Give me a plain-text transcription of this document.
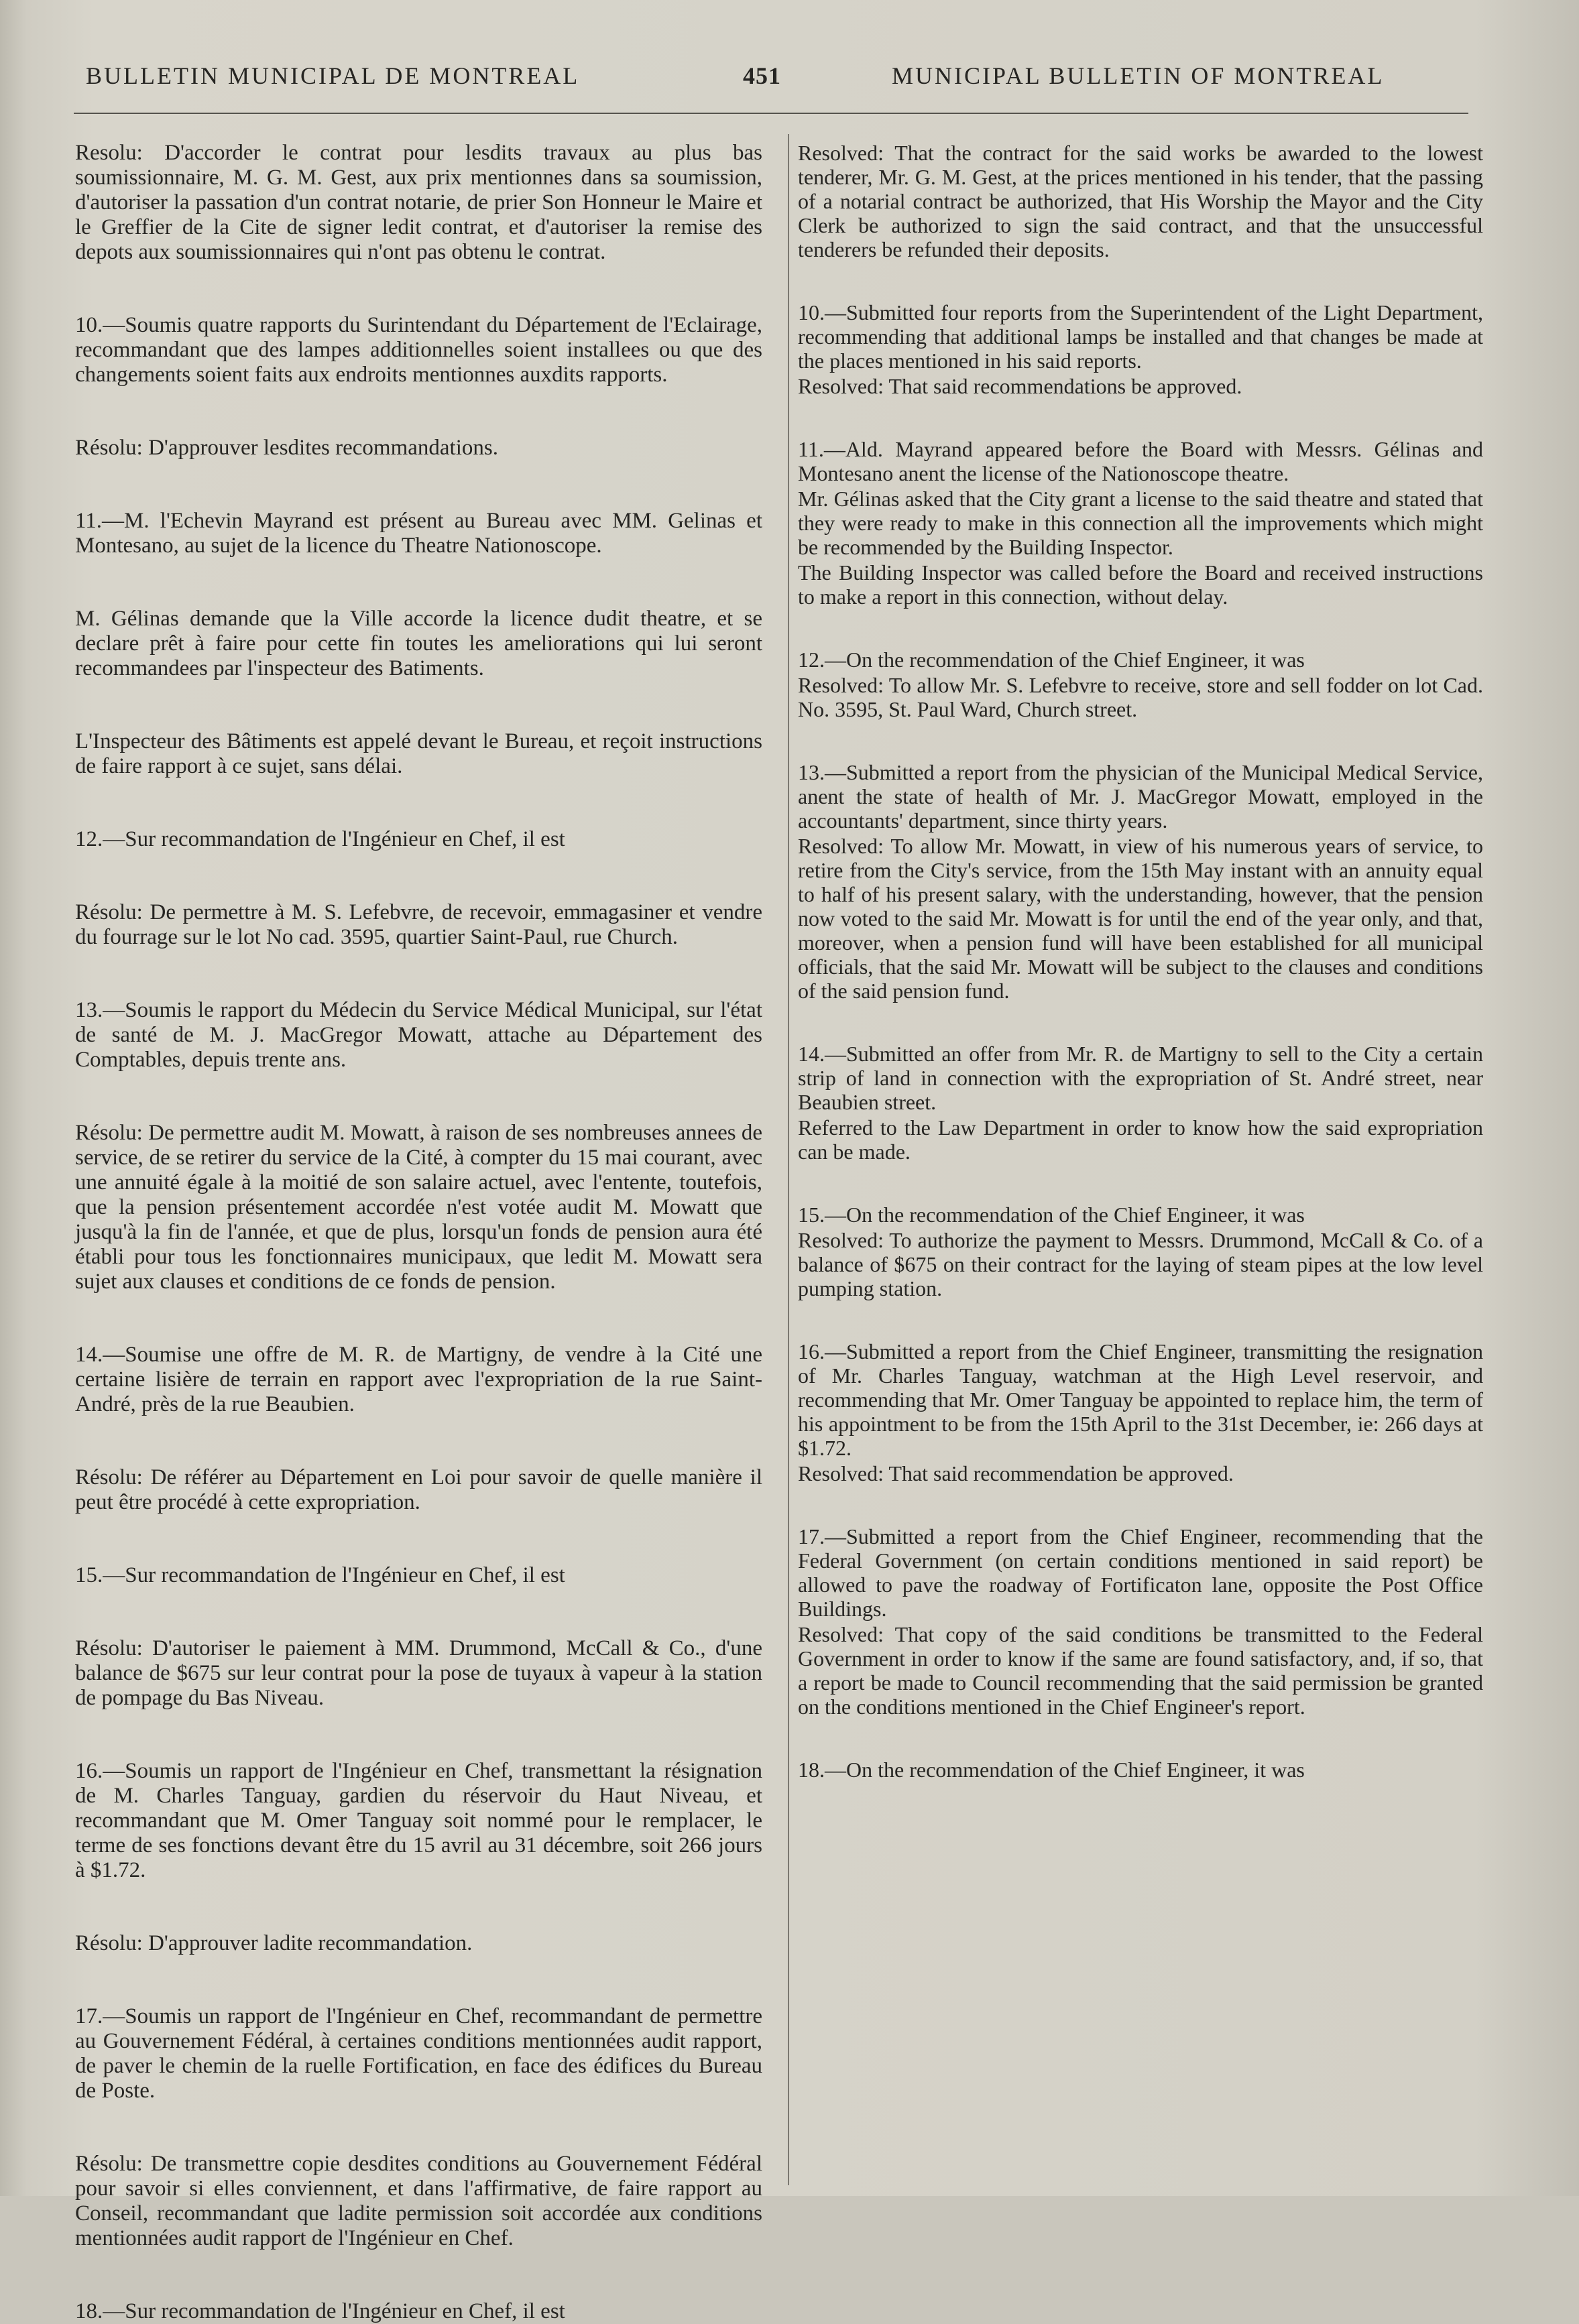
BULLETIN MUNICIPAL DE MONTREAL	451	MUNICIPAL BULLETIN OF MONTREAL

Resolu: D'accorder le contrat pour lesdits travaux au plus bas soumissionnaire, M. G. M. Gest, aux prix mentionnes dans sa soumission, d'autoriser la passation d'un contrat notarie, de prier Son Honneur le Maire et le Greffier de la Cite de signer ledit contrat, et d'autoriser la remise des depots aux soumissionnaires qui n'ont pas obtenu le contrat.

10.—Soumis quatre rapports du Surintendant du Département de l'Eclairage, recommandant que des lampes additionnelles soient installees ou que des changements soient faits aux endroits mentionnes auxdits rapports.

Résolu: D'approuver lesdites recommandations.

11.—M. l'Echevin Mayrand est présent au Bureau avec MM. Gelinas et Montesano, au sujet de la licence du Theatre Nationoscope.

M. Gélinas demande que la Ville accorde la licence dudit theatre, et se declare prêt à faire pour cette fin toutes les ameliorations qui lui seront recommandees par l'inspecteur des Batiments.

L'Inspecteur des Bâtiments est appelé devant le Bureau, et reçoit instructions de faire rapport à ce sujet, sans délai.

12.—Sur recommandation de l'Ingénieur en Chef, il est

Résolu: De permettre à M. S. Lefebvre, de recevoir, emmagasiner et vendre du fourrage sur le lot No cad. 3595, quartier Saint-Paul, rue Church.

13.—Soumis le rapport du Médecin du Service Médical Municipal, sur l'état de santé de M. J. MacGregor Mowatt, attache au Département des Comptables, depuis trente ans.

Résolu: De permettre audit M. Mowatt, à raison de ses nombreuses annees de service, de se retirer du service de la Cité, à compter du 15 mai courant, avec une annuité égale à la moitié de son salaire actuel, avec l'entente, toutefois, que la pension présentement accordée n'est votée audit M. Mowatt que jusqu'à la fin de l'année, et que de plus, lorsqu'un fonds de pension aura été établi pour tous les fonctionnaires municipaux, que ledit M. Mowatt sera sujet aux clauses et conditions de ce fonds de pension.

14.—Soumise une offre de M. R. de Martigny, de vendre à la Cité une certaine lisière de terrain en rapport avec l'expropriation de la rue Saint-André, près de la rue Beaubien.

Résolu: De référer au Département en Loi pour savoir de quelle manière il peut être procédé à cette expropriation.

15.—Sur recommandation de l'Ingénieur en Chef, il est

Résolu: D'autoriser le paiement à MM. Drummond, McCall & Co., d'une balance de $675 sur leur contrat pour la pose de tuyaux à vapeur à la station de pompage du Bas Niveau.

16.—Soumis un rapport de l'Ingénieur en Chef, transmettant la résignation de M. Charles Tanguay, gardien du réservoir du Haut Niveau, et recommandant que M. Omer Tanguay soit nommé pour le remplacer, le terme de ses fonctions devant être du 15 avril au 31 décembre, soit 266 jours à $1.72.

Résolu: D'approuver ladite recommandation.

17.—Soumis un rapport de l'Ingénieur en Chef, recommandant de permettre au Gouvernement Fédéral, à certaines conditions mentionnées audit rapport, de paver le chemin de la ruelle Fortification, en face des édifices du Bureau de Poste.

Résolu: De transmettre copie desdites conditions au Gouvernement Fédéral pour savoir si elles conviennent, et dans l'affirmative, de faire rapport au Conseil, recommandant que ladite permission soit accordée aux conditions mentionnées audit rapport de l'Ingénieur en Chef.

18.—Sur recommandation de l'Ingénieur en Chef, il est

Resolved: That the contract for the said works be awarded to the lowest tenderer, Mr. G. M. Gest, at the prices mentioned in his tender, that the passing of a notarial contract be authorized, that His Worship the Mayor and the City Clerk be authorized to sign the said contract, and that the unsuccessful tenderers be refunded their deposits.

10.—Submitted four reports from the Superintendent of the Light Department, recommending that additional lamps be installed and that changes be made at the places mentioned in his said reports.

Resolved: That said recommendations be approved.

11.—Ald. Mayrand appeared before the Board with Messrs. Gélinas and Montesano anent the license of the Nationoscope theatre.

Mr. Gélinas asked that the City grant a license to the said theatre and stated that they were ready to make in this connection all the improvements which might be recommended by the Building Inspector.

The Building Inspector was called before the Board and received instructions to make a report in this connection, without delay.

12.—On the recommendation of the Chief Engineer, it was

Resolved: To allow Mr. S. Lefebvre to receive, store and sell fodder on lot Cad. No. 3595, St. Paul Ward, Church street.

13.—Submitted a report from the physician of the Municipal Medical Service, anent the state of health of Mr. J. MacGregor Mowatt, employed in the accountants' department, since thirty years.

Resolved: To allow Mr. Mowatt, in view of his numerous years of service, to retire from the City's service, from the 15th May instant with an annuity equal to half of his present salary, with the understanding, however, that the pension now voted to the said Mr. Mowatt is for until the end of the year only, and that, moreover, when a pension fund will have been established for all municipal officials, that the said Mr. Mowatt will be subject to the clauses and conditions of the said pension fund.

14.—Submitted an offer from Mr. R. de Martigny to sell to the City a certain strip of land in connection with the expropriation of St. André street, near Beaubien street.

Referred to the Law Department in order to know how the said expropriation can be made.

15.—On the recommendation of the Chief Engineer, it was

Resolved: To authorize the payment to Messrs. Drummond, McCall & Co. of a balance of $675 on their contract for the laying of steam pipes at the low level pumping station.

16.—Submitted a report from the Chief Engineer, transmitting the resignation of Mr. Charles Tanguay, watchman at the High Level reservoir, and recommending that Mr. Omer Tanguay be appointed to replace him, the term of his appointment to be from the 15th April to the 31st December, ie: 266 days at $1.72.

Resolved: That said recommendation be approved.

17.—Submitted a report from the Chief Engineer, recommending that the Federal Government (on certain conditions mentioned in said report) be allowed to pave the roadway of Fortificaton lane, opposite the Post Office Buildings.

Resolved: That copy of the said conditions be transmitted to the Federal Government in order to know if the same are found satisfactory, and, if so, that a report be made to Council recommending that the said permission be granted on the conditions mentioned in the Chief Engineer's report.

18.—On the recommendation of the Chief Engineer, it was
